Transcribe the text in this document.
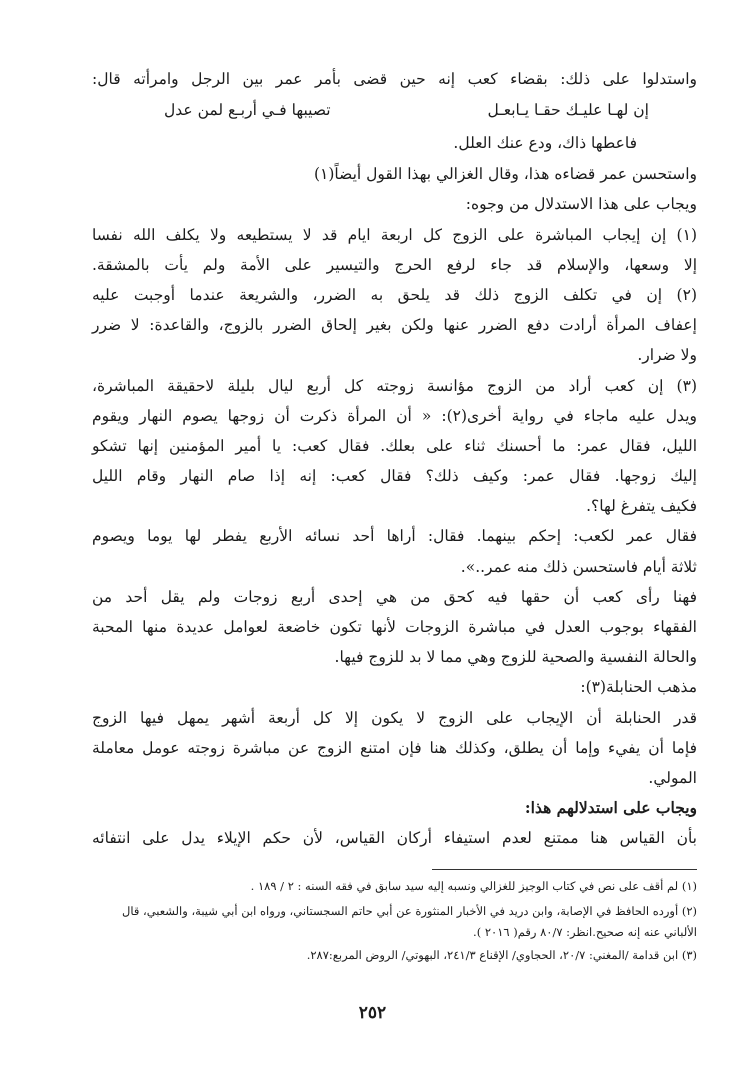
واستدلوا على ذلك: بقضاء كعب إنه حين قضى بأمر عمر بين الرجل وامرأته قال:
إن لهـا عليـك حقـا يـابعـل
تصيبها فـي أربـع لمن عدل
فاعطها ذاك، ودع عنك العلل.
واستحسن عمر قضاءه هذا، وقال الغزالي بهذا القول أيضاً(١)
ويجاب على هذا الاستدلال من وجوه:
(١) إن إيجاب المباشرة على الزوج كل اربعة ايام قد لا يستطيعه ولا يكلف الله نفسا
إلا وسعها، والإسلام قد جاء لرفع الحرج والتيسير على الأمة ولم يأت بالمشقة.
(٢) إن في تكلف الزوج ذلك قد يلحق به الضرر، والشريعة عندما أوجبت عليه
إعفاف المرأة أرادت دفع الضرر عنها ولكن بغير إلحاق الضرر بالزوج، والقاعدة: لا ضرر
ولا ضرار.
(٣) إن كعب أراد من الزوج مؤانسة زوجته كل أربع ليال بليلة لاحقيقة المباشرة،
ويدل عليه ماجاء في رواية أخرى(٢): « أن المرأة ذكرت أن زوجها يصوم النهار ويقوم
الليل، فقال عمر: ما أحسنك ثناء على بعلك. فقال كعب: يا أمير المؤمنين إنها تشكو
إليك زوجها. فقال عمر: وكيف ذلك؟ فقال كعب: إنه إذا صام النهار وقام الليل
فكيف يتفرغ لها؟.
فقال عمر لكعب: إحكم بينهما. فقال: أراها أحد نسائه الأربع يفطر لها يوما ويصوم
ثلاثة أيام فاستحسن ذلك منه عمر..».
فهنا رأى كعب أن حقها فيه كحق من هي إحدى أربع زوجات ولم يقل أحد من
الفقهاء بوجوب العدل في مباشرة الزوجات لأنها تكون خاضعة لعوامل عديدة منها المحبة
والحالة النفسية والصحية للزوج وهي مما لا بد للزوج فيها.
مذهب الحنابلة(٣):
قدر الحنابلة أن الإيجاب على الزوج لا يكون إلا كل أربعة أشهر يمهل فيها الزوج
فإما أن يفيء وإما أن يطلق، وكذلك هنا فإن امتنع الزوج عن مباشرة زوجته عومل معاملة
المولي.
ويجاب على استدلالهم هذا:
بأن القياس هنا ممتنع لعدم استيفاء أركان القياس، لأن حكم الإيلاء يدل على انتفائه
(١) لم أقف على نص في كتاب الوجيز للغزالي ونسبه إليه سيد سابق في فقه السنه : ٢ / ١٨٩ .
(٢) أورده الحافظ في الإصابة، وابن دريد في الأخبار المنثورة عن أبي حاتم السجستاني، ورواه ابن أبي شيبة، والشعبي، قال
الألباني عنه إنه صحيح.انظر: ٨٠/٧ رقم( ٢٠١٦ ).
(٣) ابن قدامة /المغني: ٢٠/٧، الحجاوي/ الإقناع ٢٤١/٣، البهوتي/ الروض المربع:٢٨٧.
٢٥٢
